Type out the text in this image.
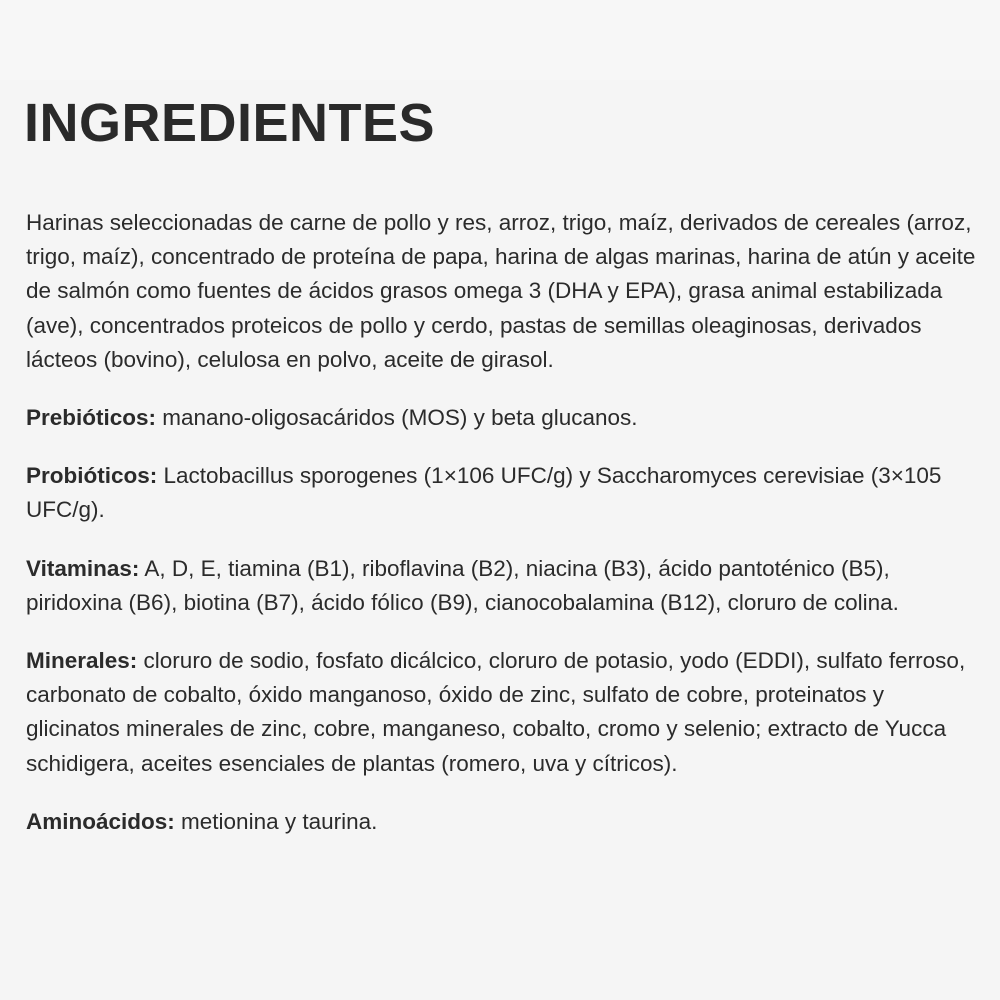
INGREDIENTES

Harinas seleccionadas de carne de pollo y res, arroz, trigo, maíz, derivados de cereales (arroz, trigo, maíz), concentrado de proteína de papa, harina de algas marinas, harina de atún y aceite de salmón como fuentes de ácidos grasos omega 3 (DHA y EPA), grasa animal estabilizada (ave), concentrados proteicos de pollo y cerdo, pastas de semillas oleaginosas, derivados lácteos (bovino), celulosa en polvo, aceite de girasol.

Prebióticos: manano-oligosacáridos (MOS) y beta glucanos.

Probióticos: Lactobacillus sporogenes (1×106 UFC/g) y Saccharomyces cerevisiae (3×105 UFC/g).

Vitaminas: A, D, E, tiamina (B1), riboflavina (B2), niacina (B3), ácido pantoténico (B5), piridoxina (B6), biotina (B7), ácido fólico (B9), cianocobalamina (B12), cloruro de colina.

Minerales: cloruro de sodio, fosfato dicálcico, cloruro de potasio, yodo (EDDI), sulfato ferroso, carbonato de cobalto, óxido manganoso, óxido de zinc, sulfato de cobre, proteinatos y glicinatos minerales de zinc, cobre, manganeso, cobalto, cromo y selenio; extracto de Yucca schidigera, aceites esenciales de plantas (romero, uva y cítricos).

Aminoácidos: metionina y taurina.
